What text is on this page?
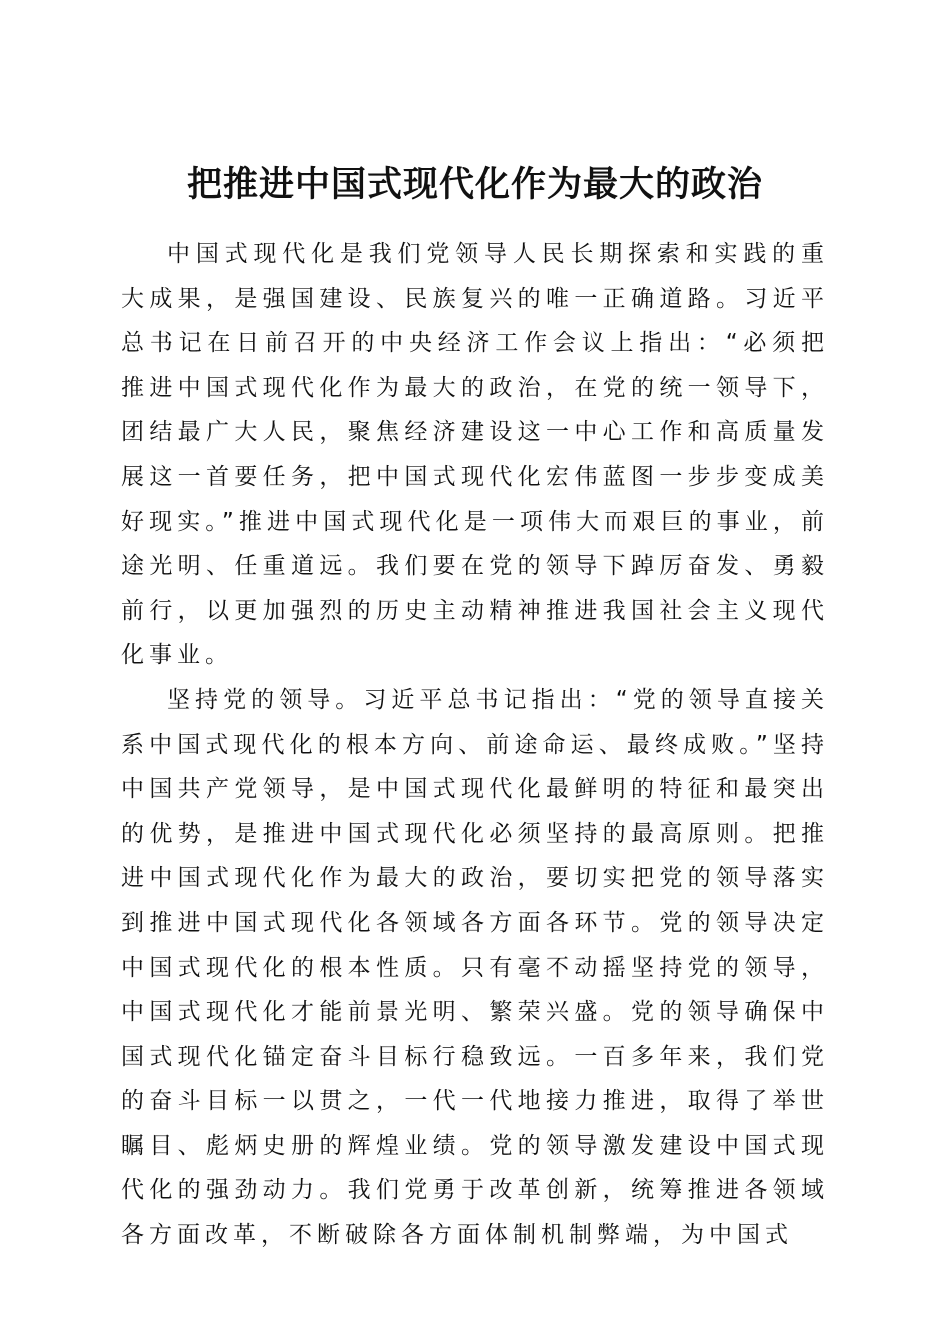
把推进中国式现代化作为最大的政治

中国式现代化是我们党领导人民长期探索和实践的重大成果，是强国建设、民族复兴的唯一正确道路。习近平总书记在日前召开的中央经济工作会议上指出：“必须把推进中国式现代化作为最大的政治，在党的统一领导下，团结最广大人民，聚焦经济建设这一中心工作和高质量发展这一首要任务，把中国式现代化宏伟蓝图一步步变成美好现实。”推进中国式现代化是一项伟大而艰巨的事业，前途光明、任重道远。我们要在党的领导下踔厉奋发、勇毅前行，以更加强烈的历史主动精神推进我国社会主义现代化事业。

坚持党的领导。习近平总书记指出：“党的领导直接关系中国式现代化的根本方向、前途命运、最终成败。”坚持中国共产党领导，是中国式现代化最鲜明的特征和最突出的优势，是推进中国式现代化必须坚持的最高原则。把推进中国式现代化作为最大的政治，要切实把党的领导落实到推进中国式现代化各领域各方面各环节。党的领导决定中国式现代化的根本性质。只有毫不动摇坚持党的领导，中国式现代化才能前景光明、繁荣兴盛。党的领导确保中国式现代化锚定奋斗目标行稳致远。一百多年来，我们党的奋斗目标一以贯之，一代一代地接力推进，取得了举世瞩目、彪炳史册的辉煌业绩。党的领导激发建设中国式现代化的强劲动力。我们党勇于改革创新，统筹推进各领域各方面改革，不断破除各方面体制机制弊端，为中国式
